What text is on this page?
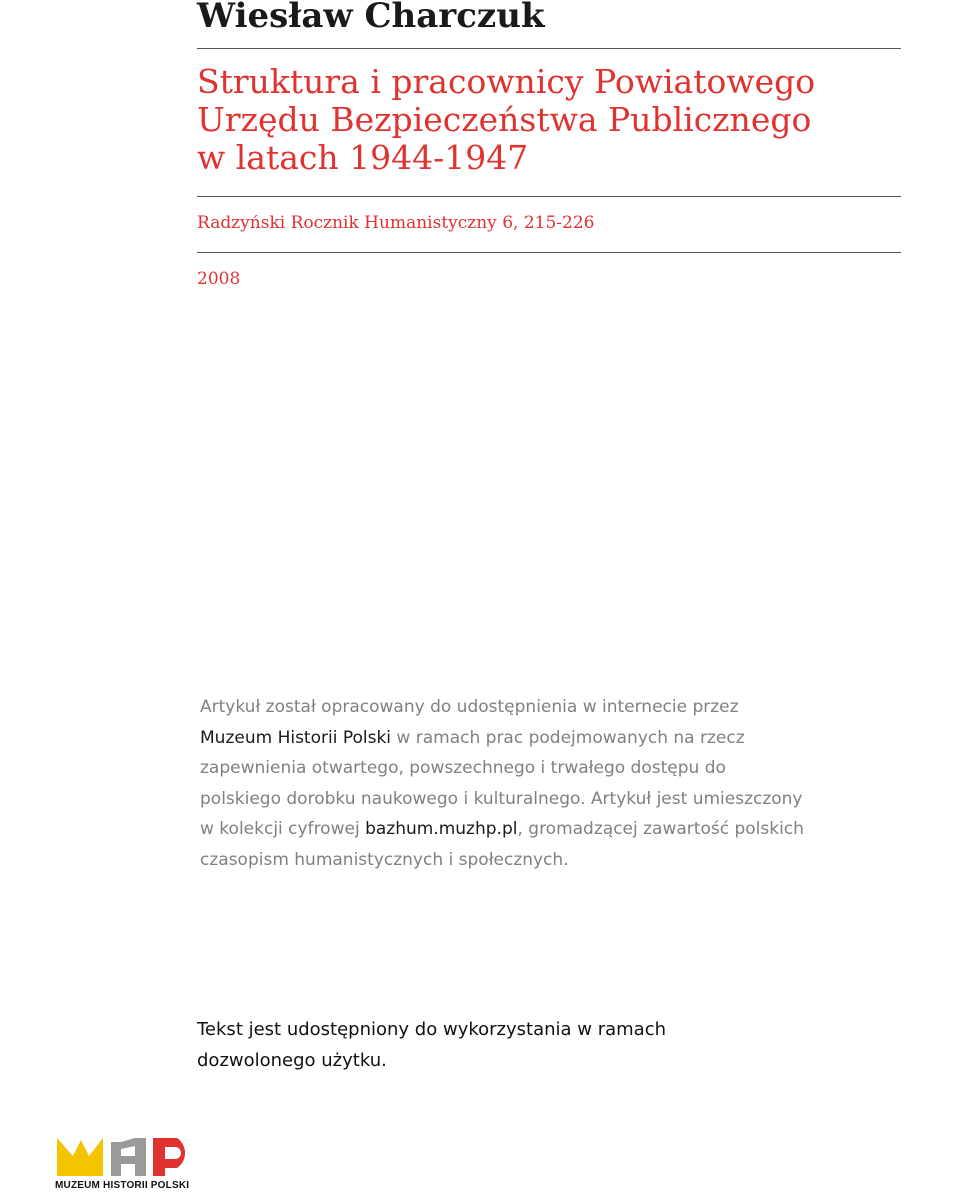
Wiesław Charczuk
Struktura i pracownicy Powiatowego
Urzędu Bezpieczeństwa Publicznego
w latach 1944-1947
Radzyński Rocznik Humanistyczny 6, 215-226
2008
Artykuł został opracowany do udostępnienia w internecie przez
Muzeum Historii Polski w ramach prac podejmowanych na rzecz
zapewnienia otwartego, powszechnego i trwałego dostępu do
polskiego dorobku naukowego i kulturalnego. Artykuł jest umieszczony
w kolekcji cyfrowej bazhum.muzhp.pl, gromadzącej zawartość polskich
czasopism humanistycznych i społecznych.
Tekst jest udostępniony do wykorzystania w ramach
dozwolonego użytku.
MUZEUM HISTORII POLSKI
